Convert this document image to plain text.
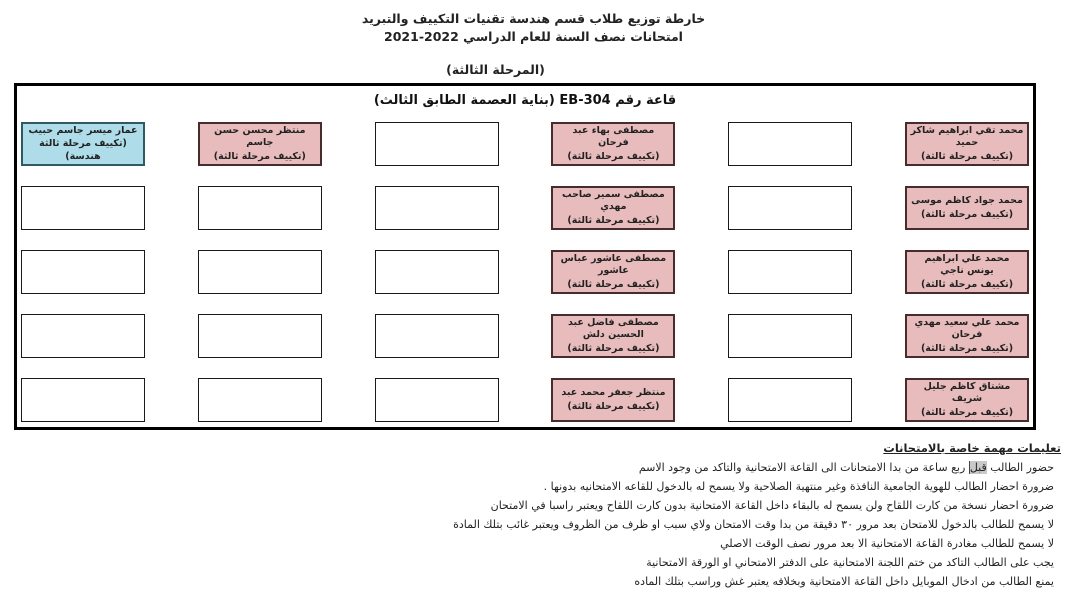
خارطة توزيع طلاب قسم هندسة تقنيات التكييف والتبريد
امتحانات نصف السنة للعام الدراسي 2022-2021
(المرحلة الثالثة)
قاعة رقم EB-304 (بناية العصمة الطابق الثالث)
عمار ميسر جاسم حبيب
(تكييف مرحلة ثالثة هندسة)
منتظر محسن حسن جاسم
(تكييف مرحلة ثالثة)
مصطفى بهاء عبد فرحان
(تكييف مرحلة ثالثة)
محمد تقي ابراهيم شاكر حميد
(تكييف مرحلة ثالثة)
مصطفى سمير صاحب مهدي
(تكييف مرحلة ثالثة)
محمد جواد كاظم موسى
(تكييف مرحلة ثالثة)
مصطفى عاشور عباس عاشور
(تكييف مرحلة ثالثة)
محمد علي ابراهيم يونس ناجي
(تكييف مرحلة ثالثة)
مصطفى فاضل عبد الحسين دلش
(تكييف مرحلة ثالثة)
محمد علي سعيد مهدي فرحان
(تكييف مرحلة ثالثة)
منتظر جعفر محمد عبد
(تكييف مرحلة ثالثة)
مشتاق كاظم جليل شريف
(تكييف مرحلة ثالثة)
تعليمات مهمة خاصة بالامتحانات
حضور الطالب قبل ربع ساعة من بدا الامتحانات الى القاعة الامتحانية والتاكد من وجود الاسم
ضرورة احضار الطالب للهوية الجامعية النافذة وغير منتهية الصلاحية ولا يسمح له بالدخول للقاعه الامتحانيه بدونها .
ضرورة احضار نسخة من كارت اللقاح ولن يسمح له بالبقاء داخل القاعة الامتحانية بدون كارت اللقاح ويعتبر راسبا في الامتحان
لا يسمح للطالب بالدخول للامتحان بعد مرور ٣٠ دقيقة من بدا وقت الامتحان ولاي سبب او ظرف من الظروف ويعتبر غائب بتلك المادة
لا يسمح للطالب مغادرة القاعة الامتحانية الا بعد مرور نصف الوقت الاصلي
يجب على الطالب التاكد من ختم اللجنة الامتحانية على الدفتر الامتحاني او الورقة الامتحانية
يمنع الطالب من ادخال الموبايل داخل القاعة الامتحانية وبخلافه يعتبر غش وراسب بتلك الماده
